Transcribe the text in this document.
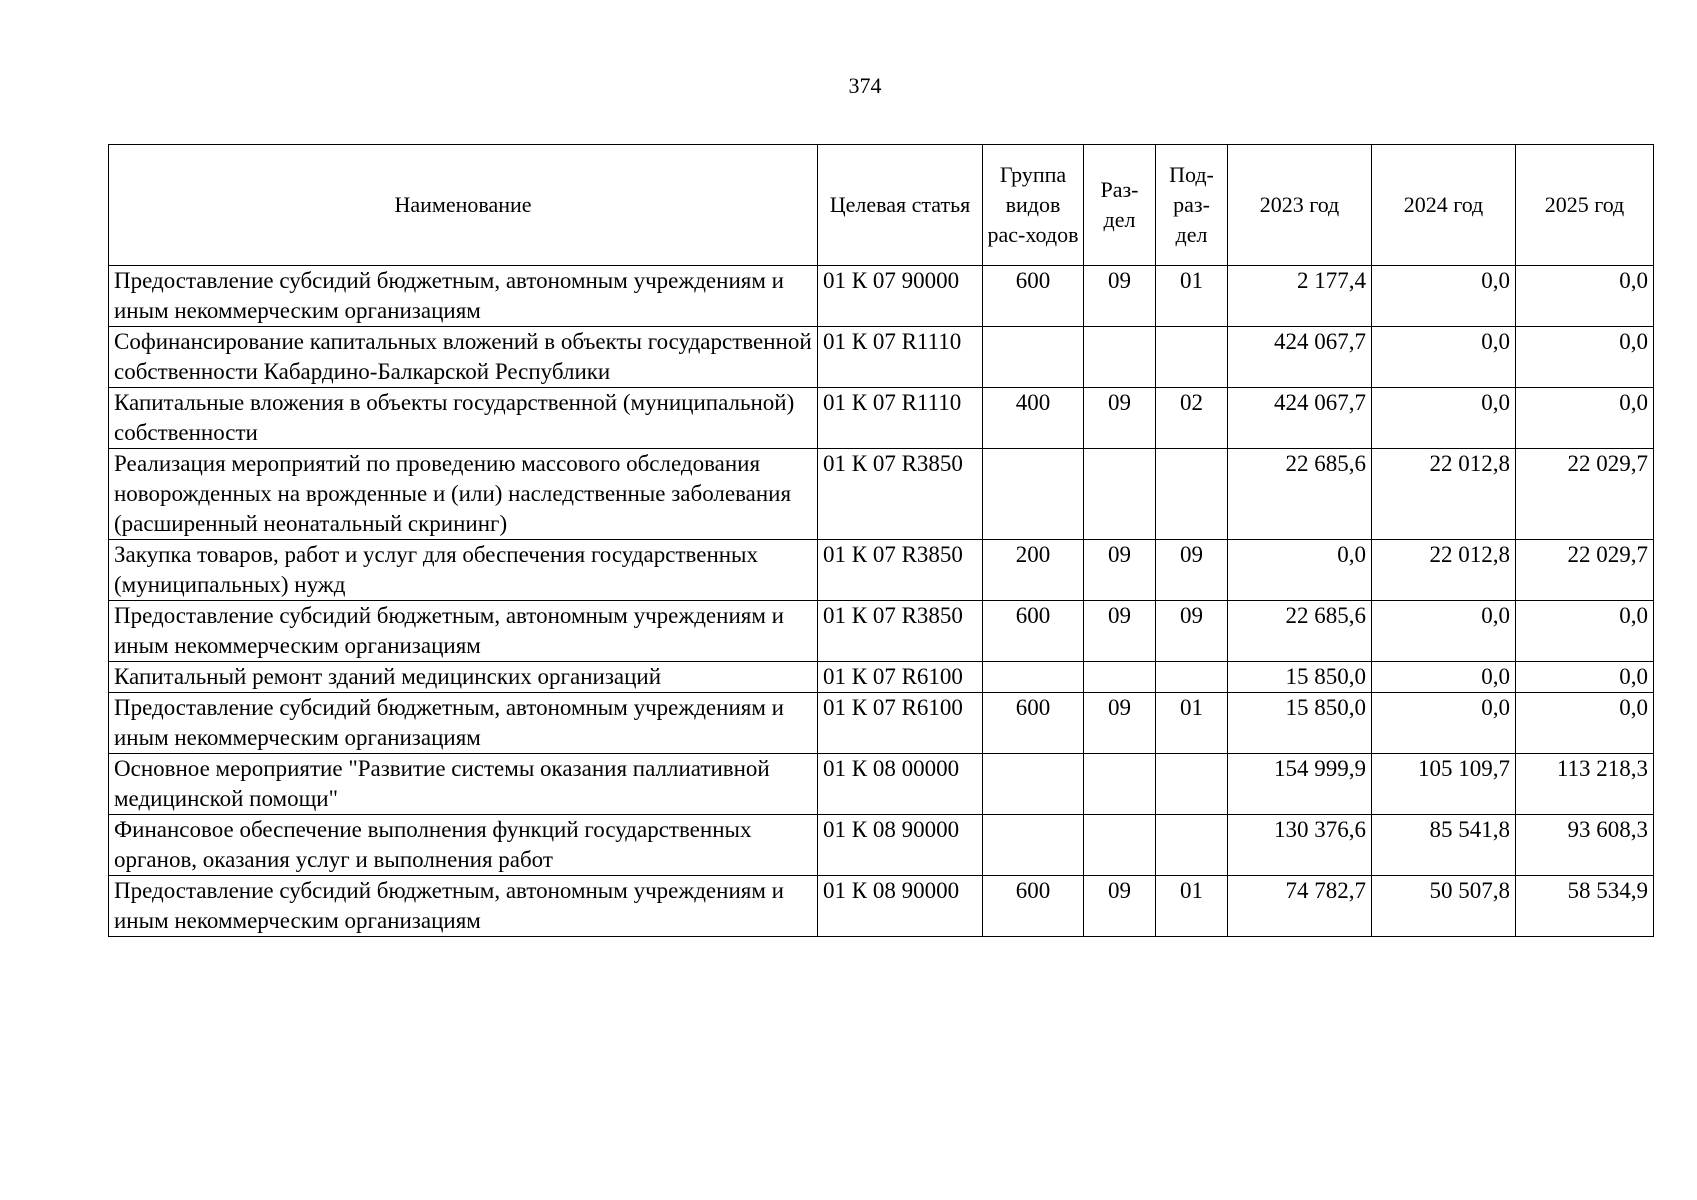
374
Наименование	Целевая статья	Группа видов рас-ходов	Раз-дел	Под-раз-дел	2023 год	2024 год	2025 год
Предоставление субсидий бюджетным, автономным учреждениям и иным некоммерческим организациям	01 К 07 90000	600	09	01	2 177,4	0,0	0,0
Софинансирование капитальных вложений в объекты государственной собственности Кабардино-Балкарской Республики	01 К 07 R1110				424 067,7	0,0	0,0
Капитальные вложения в объекты государственной (муниципальной) собственности	01 К 07 R1110	400	09	02	424 067,7	0,0	0,0
Реализация мероприятий по проведению массового обследования новорожденных на врожденные и (или) наследственные заболевания (расширенный неонатальный скрининг)	01 К 07 R3850				22 685,6	22 012,8	22 029,7
Закупка товаров, работ и услуг для обеспечения государственных (муниципальных) нужд	01 К 07 R3850	200	09	09	0,0	22 012,8	22 029,7
Предоставление субсидий бюджетным, автономным учреждениям и иным некоммерческим организациям	01 К 07 R3850	600	09	09	22 685,6	0,0	0,0
Капитальный ремонт зданий медицинских организаций	01 К 07 R6100				15 850,0	0,0	0,0
Предоставление субсидий бюджетным, автономным учреждениям и иным некоммерческим организациям	01 К 07 R6100	600	09	01	15 850,0	0,0	0,0
Основное мероприятие "Развитие системы оказания паллиативной медицинской помощи"	01 К 08 00000				154 999,9	105 109,7	113 218,3
Финансовое обеспечение выполнения функций государственных органов, оказания услуг и выполнения работ	01 К 08 90000				130 376,6	85 541,8	93 608,3
Предоставление субсидий бюджетным, автономным учреждениям и иным некоммерческим организациям	01 К 08 90000	600	09	01	74 782,7	50 507,8	58 534,9
